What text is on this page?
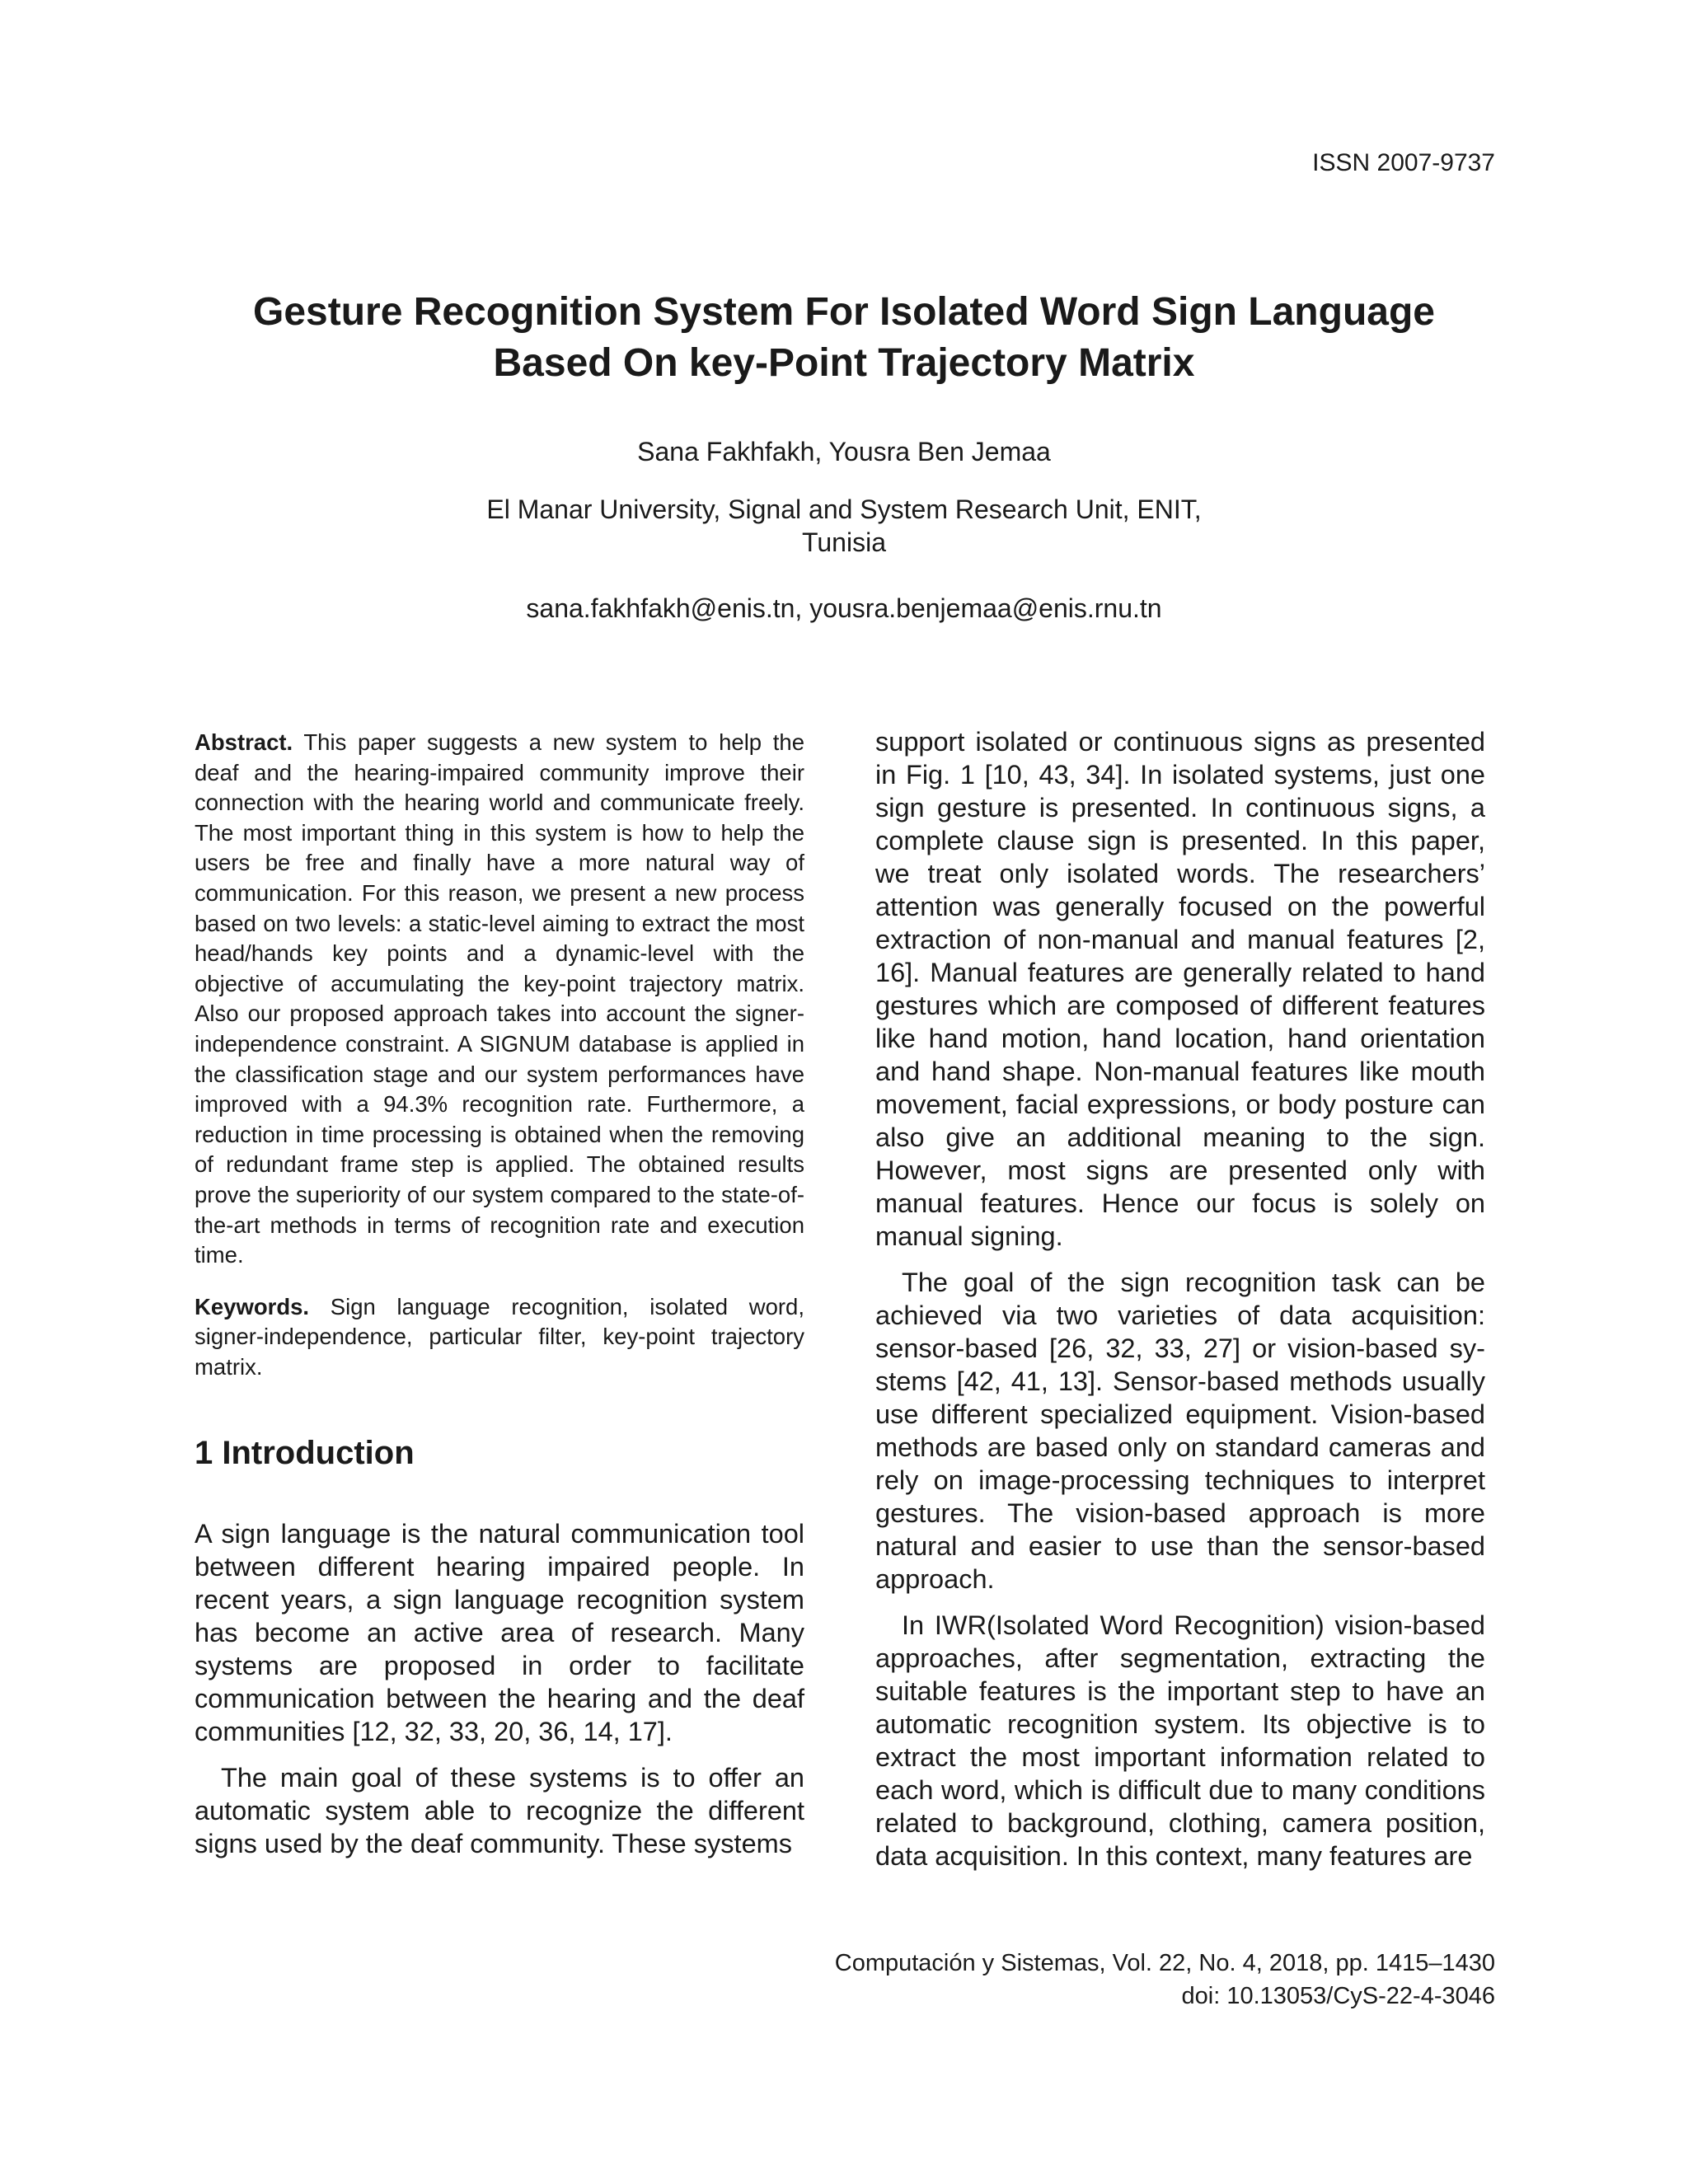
ISSN 2007-9737
Gesture Recognition System For Isolated Word Sign Language
Based On key-Point Trajectory Matrix
Sana Fakhfakh, Yousra Ben Jemaa
El Manar University, Signal and System Research Unit, ENIT,
Tunisia
sana.fakhfakh@enis.tn, yousra.benjemaa@enis.rnu.tn

Abstract. This paper suggests a new system to help the deaf and the hearing-impaired community improve their connection with the hearing world and communicate freely. The most important thing in this system is how to help the users be free and finally have a more natural way of communication. For this reason, we present a new process based on two levels: a static-level aiming to extract the most head/hands key points and a dynamic-level with the objective of accumulating the key-point trajectory matrix. Also our proposed approach takes into account the signer-independence constraint. A SIGNUM database is applied in the classification stage and our system performances have improved with a 94.3% recognition rate. Furthermore, a reduction in time processing is obtained when the removing of redundant frame step is applied. The obtained results prove the superiority of our system compared to the state-of- the-art methods in terms of recognition rate and execution time.

Keywords. Sign language recognition, isolated word, signer-independence, particular filter, key-point trajectory matrix.

1 Introduction

A sign language is the natural communication tool between different hearing impaired people. In recent years, a sign language recognition system has become an active area of research. Many systems are proposed in order to facilitate communication between the hearing and the deaf communities [12, 32, 33, 20, 36, 14, 17].

The main goal of these systems is to offer an automatic system able to recognize the different signs used by the deaf community. These systems

support isolated or continuous signs as presented in Fig. 1 [10, 43, 34]. In isolated systems, just one sign gesture is presented. In continuous signs, a complete clause sign is presented. In this paper, we treat only isolated words. The researchers’ attention was generally focused on the powerful extraction of non-manual and manual features [2, 16]. Manual features are generally related to hand gestures which are composed of different features like hand motion, hand location, hand orientation and hand shape. Non-manual features like mouth movement, facial expressions, or body posture can also give an additional meaning to the sign. However, most signs are presented only with manual features. Hence our focus is solely on manual signing.

The goal of the sign recognition task can be achieved via two varieties of data acquisition: sensor-based [26, 32, 33, 27] or vision-based sy-stems [42, 41, 13]. Sensor-based methods usually use different specialized equipment. Vision-based methods are based only on standard cameras and rely on image-processing techniques to interpret gestures. The vision-based approach is more natural and easier to use than the sensor-based approach.

In IWR(Isolated Word Recognition) vision-based approaches, after segmentation, extracting the suitable features is the important step to have an automatic recognition system. Its objective is to extract the most important information related to each word, which is difficult due to many conditions related to background, clothing, camera position, data acquisition. In this context, many features are

Computación y Sistemas, Vol. 22, No. 4, 2018, pp. 1415–1430
doi: 10.13053/CyS-22-4-3046
